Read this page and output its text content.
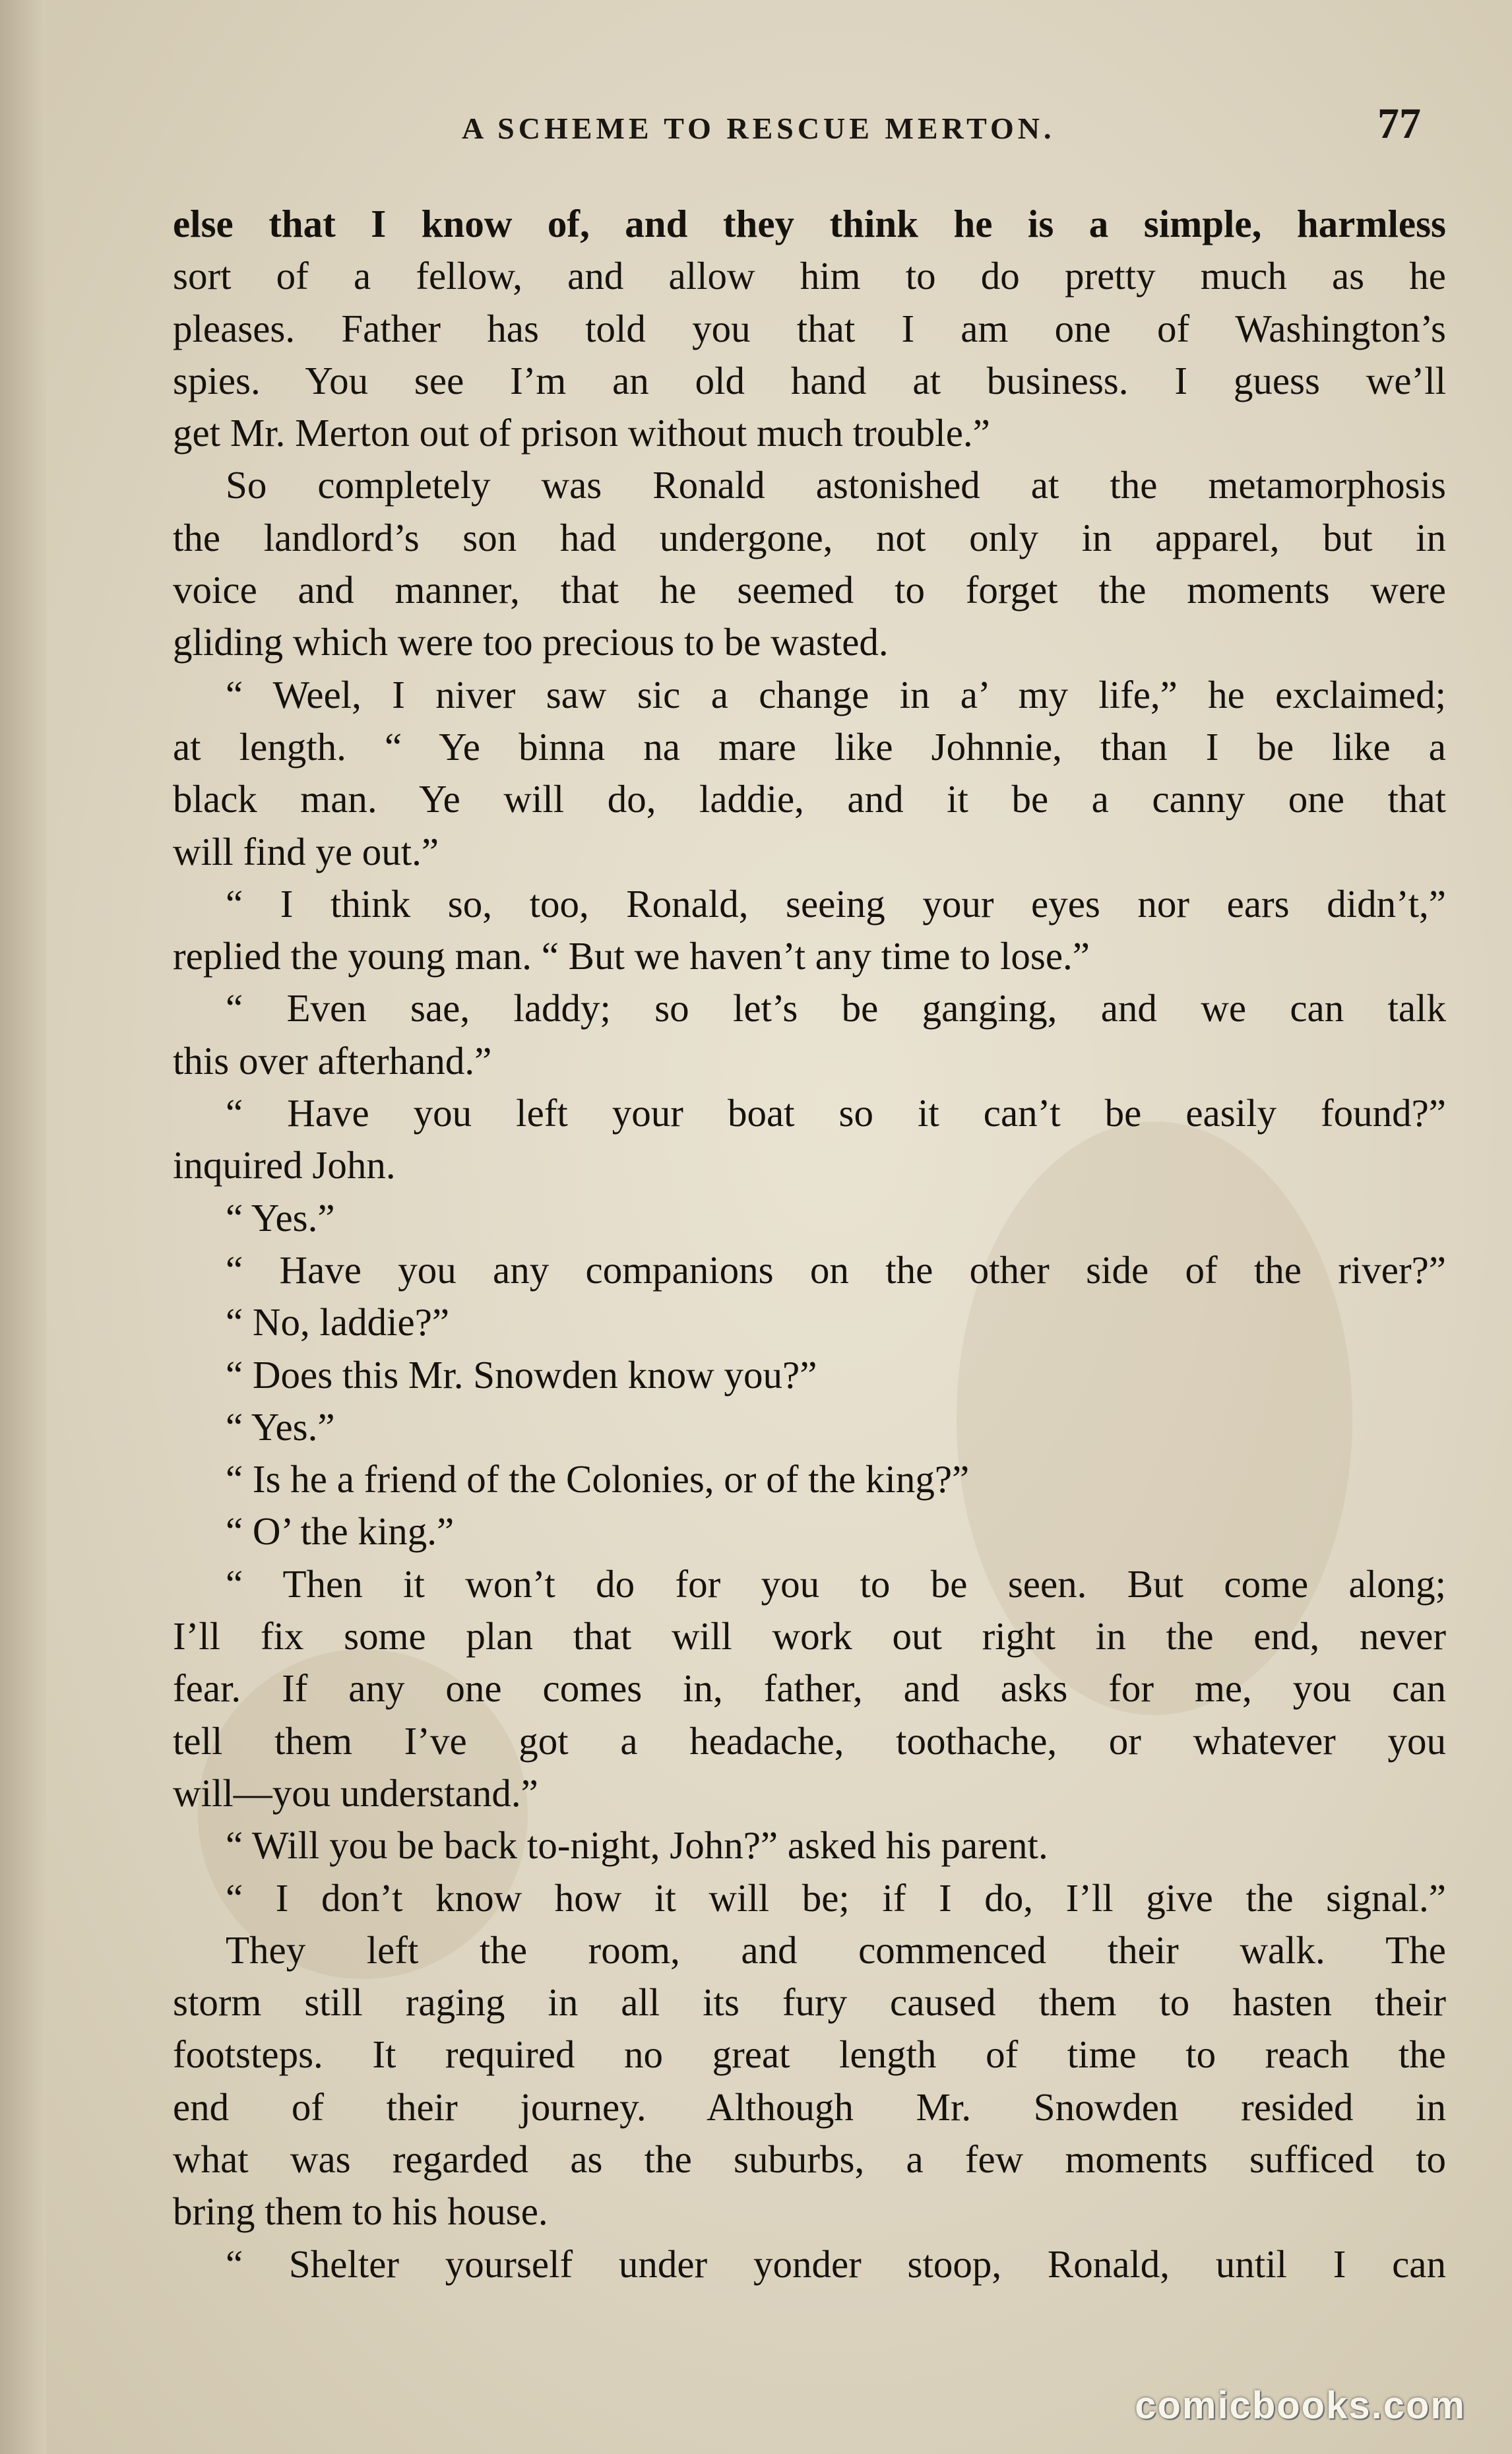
A SCHEME TO RESCUE MERTON.	77
else that I know of, and they think he is a simple, harmless
sort of a fellow, and allow him to do pretty much as he
pleases. Father has told you that I am one of Washington’s
spies. You see I’m an old hand at business. I guess we’ll
get Mr. Merton out of prison without much trouble.”
So completely was Ronald astonished at the metamorphosis
the landlord’s son had undergone, not only in apparel, but in
voice and manner, that he seemed to forget the moments were
gliding which were too precious to be wasted.
“ Weel, I niver saw sic a change in a’ my life,” he exclaimed;
at length. “ Ye binna na mare like Johnnie, than I be like a
black man. Ye will do, laddie, and it be a canny one that
will find ye out.”
“ I think so, too, Ronald, seeing your eyes nor ears didn’t,”
replied the young man. “ But we haven’t any time to lose.”
“ Even sae, laddy; so let’s be ganging, and we can talk
this over afterhand.”
“ Have you left your boat so it can’t be easily found?”
inquired John.
“ Yes.”
“ Have you any companions on the other side of the river?”
“ No, laddie?”
“ Does this Mr. Snowden know you?”
“ Yes.”
“ Is he a friend of the Colonies, or of the king?”
“ O’ the king.”
“ Then it won’t do for you to be seen. But come along;
I’ll fix some plan that will work out right in the end, never
fear. If any one comes in, father, and asks for me, you can
tell them I’ve got a headache, toothache, or whatever you
will—you understand.”
“ Will you be back to-night, John?” asked his parent.
“ I don’t know how it will be; if I do, I’ll give the signal.”
They left the room, and commenced their walk. The
storm still raging in all its fury caused them to hasten their
footsteps. It required no great length of time to reach the
end of their journey. Although Mr. Snowden resided in
what was regarded as the suburbs, a few moments sufficed to
bring them to his house.
“ Shelter yourself under yonder stoop, Ronald, until I can
comicbooks.com
